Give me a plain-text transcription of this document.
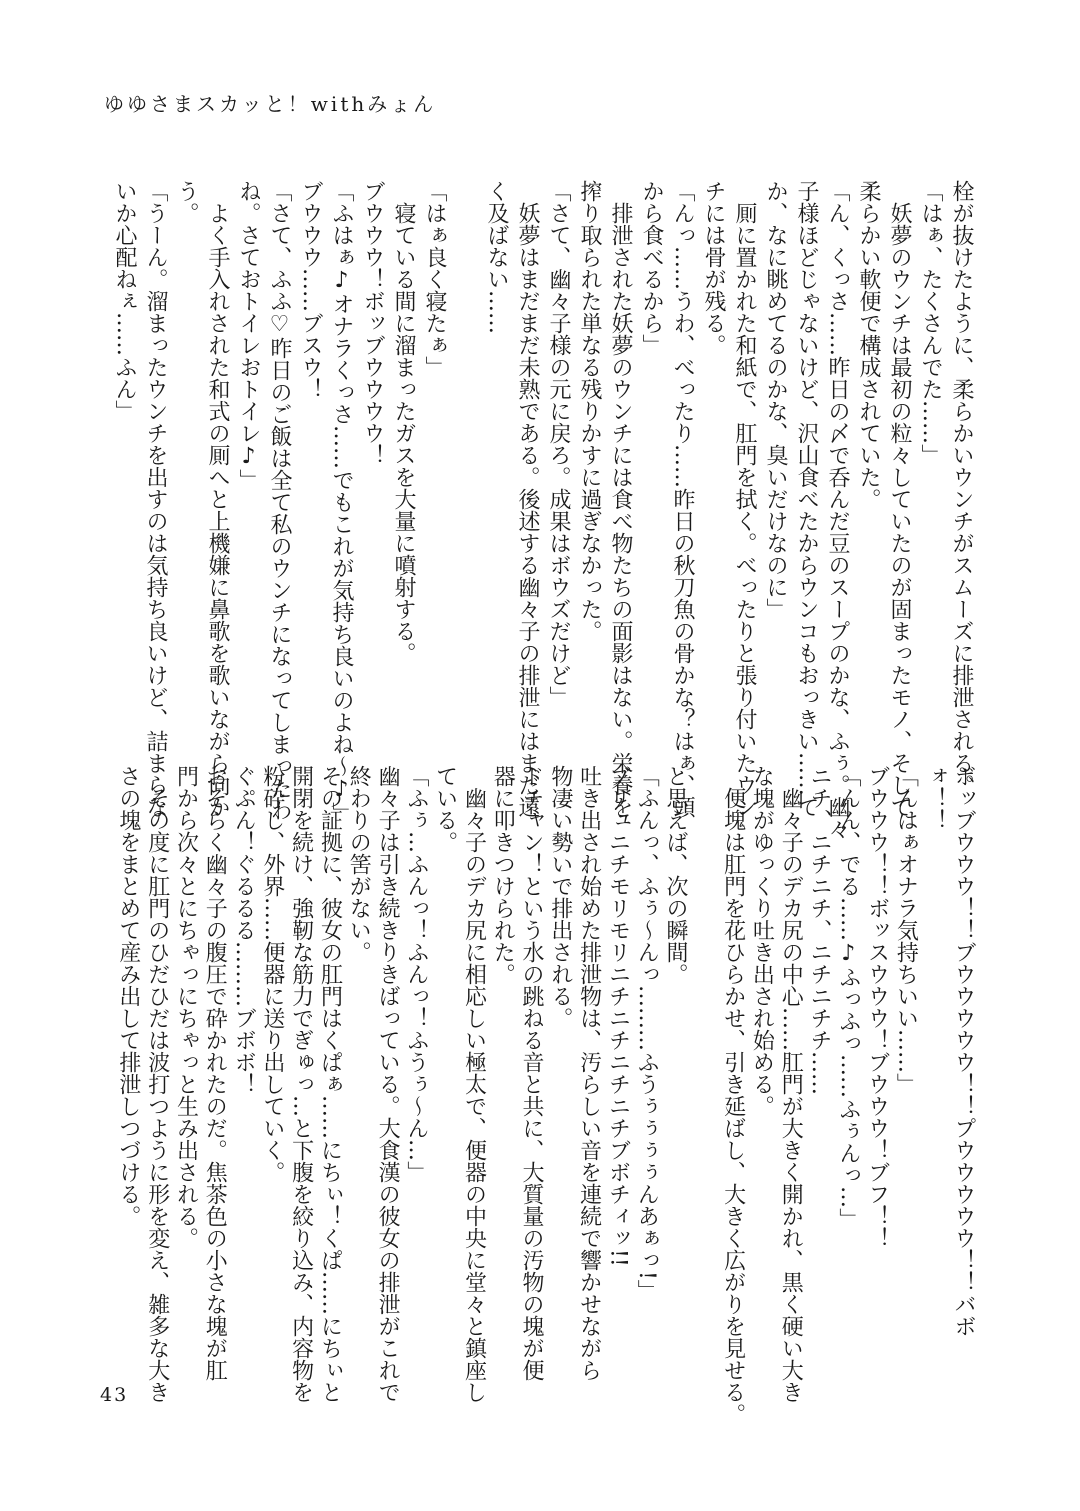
ゆゆさまスカッと！withみょん

栓が抜けたように、柔らかいウンチがスムーズに排泄される。

「はぁ、たくさんでた……」

　妖夢のウンチは最初の粒々していたのが固まったモノ、そして

柔らかい軟便で構成されていた。

「ん、くっさ……昨日の〆で呑んだ豆のスープのかな、ふぅ。幽々

子様ほどじゃないけど、沢山食べたからウンコもおっきい……て

か、なに眺めてるのかな、臭いだけなのに」

　厠に置かれた和紙で、肛門を拭く。べったりと張り付いたウン

チには骨が残る。

「んっ……うわ、べったり……昨日の秋刀魚の骨かな？はぁ、頭

から食べるから」

　排泄された妖夢のウンチには食べ物たちの面影はない。栄養を

搾り取られた単なる残りかすに過ぎなかった。

「さて、幽々子様の元に戻ろ。成果はボウズだけど」

　妖夢はまだまだ未熟である。後述する幽々子の排泄にはまだ遠

く及ばない……

「はぁ良く寝たぁ」

　寝ている間に溜まったガスを大量に噴射する。

ブウウウ！ボッブウウウウ！

「ふはぁ♪オナラくっさ……でもこれが気持ち良いのよね～♪」

ブウウウ……ブスウ！

「さて、ふふ♡昨日のご飯は全て私のウンチになってしまったわ

ね。さておトイレおトイレ♪」

　よく手入れされた和式の厠へと上機嫌に鼻歌を歌いながら向か

う。

「うーん。溜まったウンチを出すのは気持ち良いけど、詰まらな

いか心配ねぇ……ふん」

ボッブウウウ！！ブウウウウウ！！プウウウウウ！！バボ

ォ！！

「んはぁオナラ気持ちいい……」

ブウウウ！！ボッスウウウ！ブウウウ！ブフ！！

「んん、でる……♪ふっふっ……ふぅんっ…」

ニチ、ニチニチ、ニチニチチ……

　幽々子のデカ尻の中心……肛門が大きく開かれ、黒く硬い大き

な塊がゆっくり吐き出され始める。

　便塊は肛門を花ひらかせ、引き延ばし、大きく広がりを見せる。

と思えば、次の瞬間。

「ふんっ、ふぅ～んっ………ふうぅぅぅぅんあぁっ!」

ブリュニチモリモリニチニチニチニチブボチィッ!!

吐き出され始めた排泄物は、汚らしい音を連続で響かせながら

物凄い勢いで排出される。

ドチャン！という水の跳ねる音と共に、大質量の汚物の塊が便

器に叩きつけられた。

　幽々子のデカ尻に相応しい極太で、便器の中央に堂々と鎮座し

ている。

「ふぅ…ふんっ！ふんっ！ふうぅ～ん…」

幽々子は引き続きりきばっている。大食漢の彼女の排泄がこれで

終わりの筈がない。

その証拠に、彼女の肛門はくぱぁ……にちぃ！くぱ……にちぃと

開閉を続け、強靭な筋力でぎゅっ…と下腹を絞り込み、内容物を

粉砕し、外界……便器に送り出していく。

ぐぷん！ぐるるる………ブボボ！

おそらく幽々子の腹圧で砕かれたのだ。焦茶色の小さな塊が肛

門から次々とにちゃっにちゃっと生み出される。

　その度に肛門のひだひだは波打つように形を変え、雑多な大き

さの塊をまとめて産み出して排泄しつづける。

43
